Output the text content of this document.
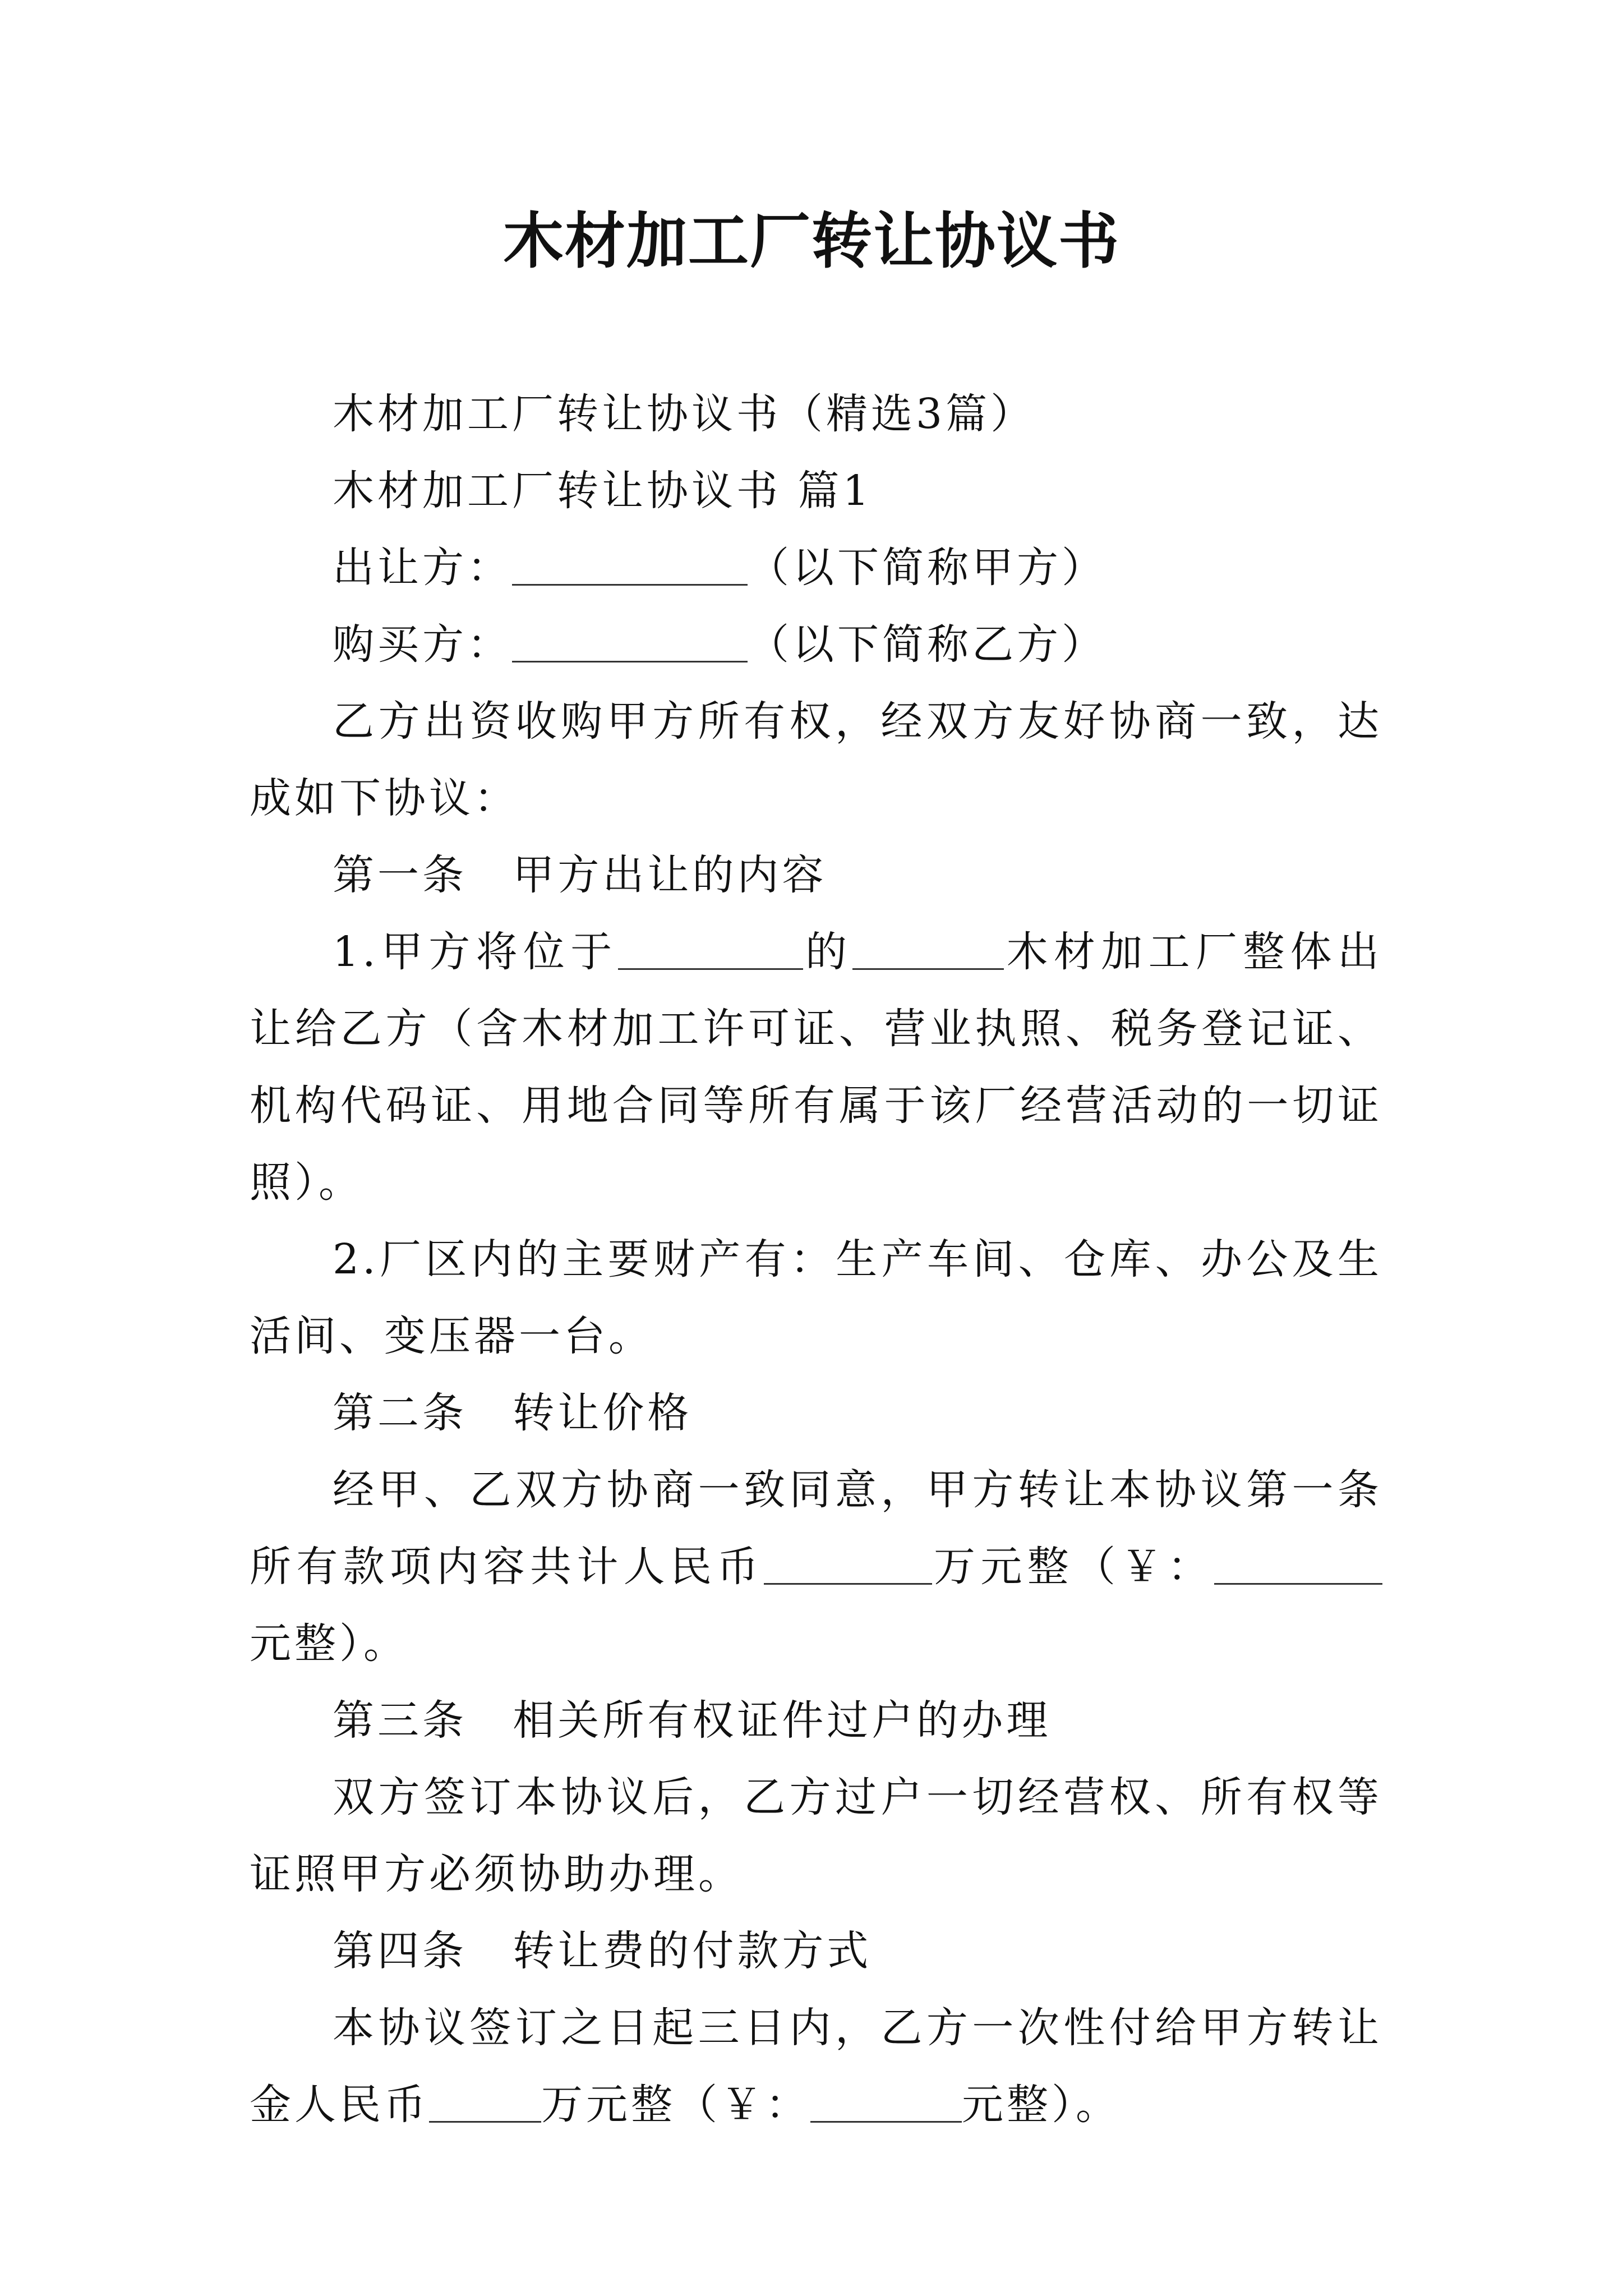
木材加工厂转让协议书

木材加工厂转让协议书（精选3篇）

木材加工厂转让协议书 篇1

出让方：	（以下简称甲方）

购买方：	（以下简称乙方）

乙方出资收购甲方所有权，经双方友好协商一致，达成如下协议：

第一条 甲方出让的内容

1.甲方将位于	的	木材加工厂整体出让给乙方（含木材加工许可证、营业执照、税务登记证、机构代码证、用地合同等所有属于该厂经营活动的一切证照）。

2.厂区内的主要财产有：生产车间、仓库、办公及生活间、变压器一台。

第二条 转让价格

经甲、乙双方协商一致同意，甲方转让本协议第一条所有款项内容共计人民币	万元整（￥：元整）。

第三条 相关所有权证件过户的办理

双方签订本协议后，乙方过户一切经营权、所有权等证照甲方必须协助办理。

第四条 转让费的付款方式

本协议签订之日起三日内，乙方一次性付给甲方转让金人民币	万元整（￥：	元整）。
